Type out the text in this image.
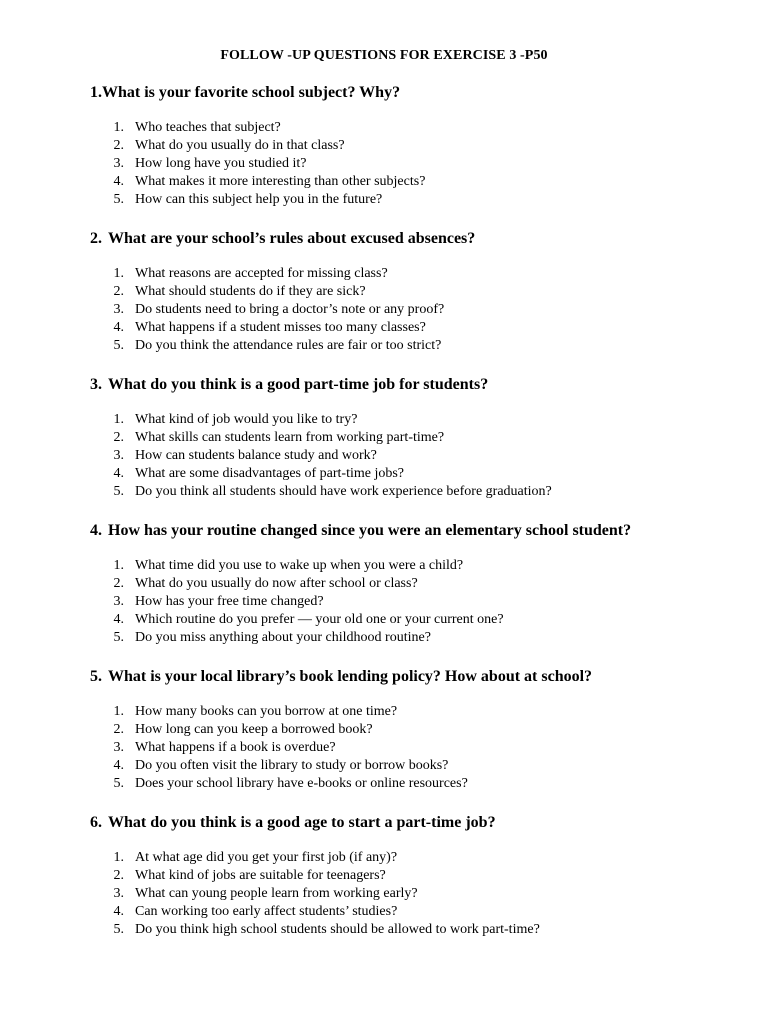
FOLLOW -UP QUESTIONS FOR EXERCISE 3 -P50
1.What is your favorite school subject? Why?
1. Who teaches that subject?
2. What do you usually do in that class?
3. How long have you studied it?
4. What makes it more interesting than other subjects?
5. How can this subject help you in the future?
2. What are your school’s rules about excused absences?
1. What reasons are accepted for missing class?
2. What should students do if they are sick?
3. Do students need to bring a doctor’s note or any proof?
4. What happens if a student misses too many classes?
5. Do you think the attendance rules are fair or too strict?
3. What do you think is a good part-time job for students?
1. What kind of job would you like to try?
2. What skills can students learn from working part-time?
3. How can students balance study and work?
4. What are some disadvantages of part-time jobs?
5. Do you think all students should have work experience before graduation?
4. How has your routine changed since you were an elementary school student?
1. What time did you use to wake up when you were a child?
2. What do you usually do now after school or class?
3. How has your free time changed?
4. Which routine do you prefer — your old one or your current one?
5. Do you miss anything about your childhood routine?
5. What is your local library’s book lending policy? How about at school?
1. How many books can you borrow at one time?
2. How long can you keep a borrowed book?
3. What happens if a book is overdue?
4. Do you often visit the library to study or borrow books?
5. Does your school library have e-books or online resources?
6. What do you think is a good age to start a part-time job?
1. At what age did you get your first job (if any)?
2. What kind of jobs are suitable for teenagers?
3. What can young people learn from working early?
4. Can working too early affect students’ studies?
5. Do you think high school students should be allowed to work part-time?
